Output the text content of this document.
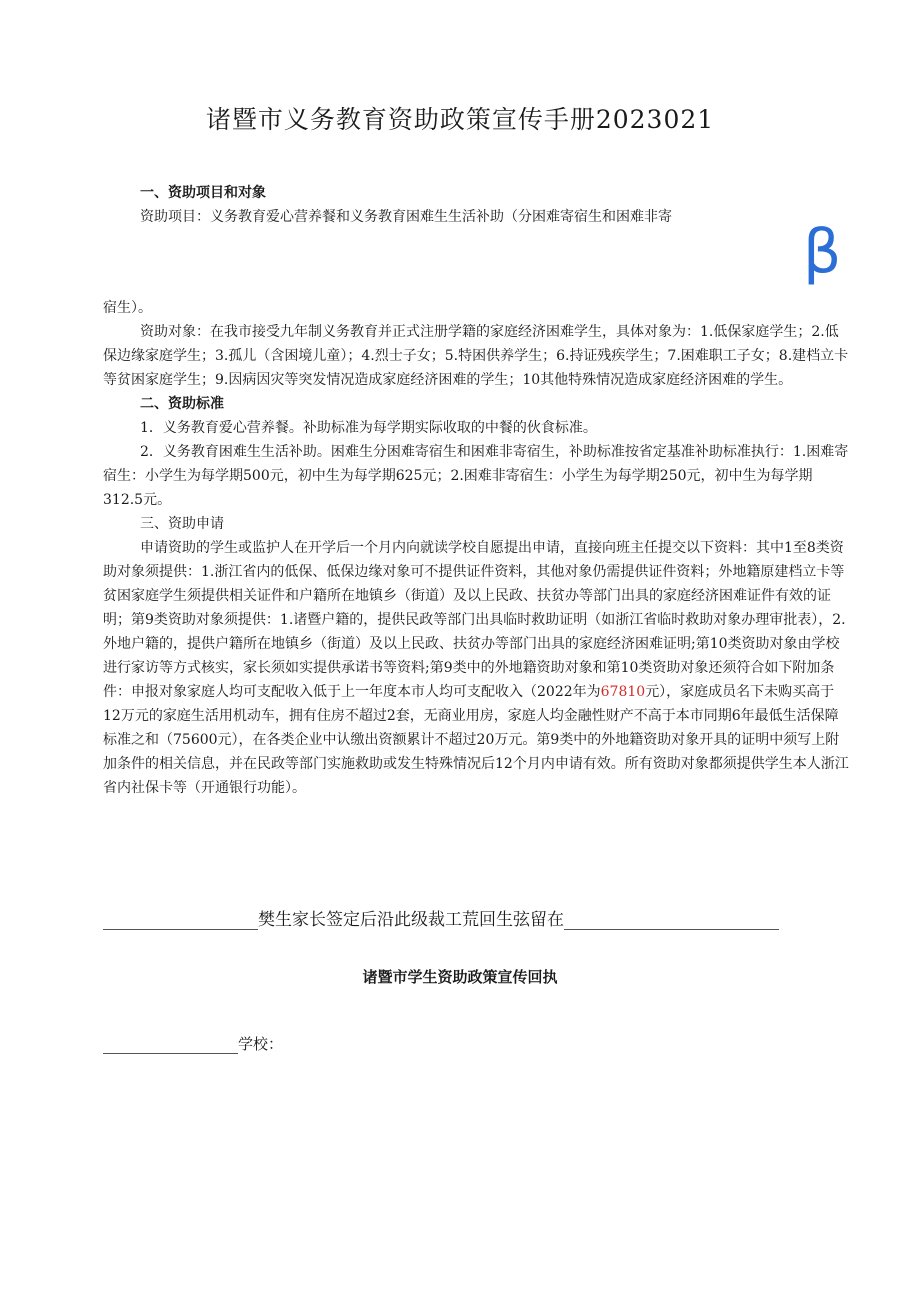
诸暨市义务教育资助政策宣传手册2023021
β

一、资助项目和对象

资助项目：义务教育爱心营养餐和义务教育困难生生活补助（分困难寄宿生和困难非寄

宿生）。

资助对象：在我市接受九年制义务教育并正式注册学籍的家庭经济困难学生，具体对象为：1.低保家庭学生；2.低保边缘家庭学生；3.孤儿（含困境儿童）；4.烈士子女；5.特困供养学生；6.持证残疾学生；7.困难职工子女；8.建档立卡等贫困家庭学生；9.因病因灾等突发情况造成家庭经济困难的学生；10其他特殊情况造成家庭经济困难的学生。

二、资助标准

1．义务教育爱心营养餐。补助标准为每学期实际收取的中餐的伙食标准。

2．义务教育困难生生活补助。困难生分困难寄宿生和困难非寄宿生，补助标准按省定基准补助标准执行：1.困难寄宿生：小学生为每学期500元，初中生为每学期625元；2.困难非寄宿生：小学生为每学期250元，初中生为每学期312.5元。

三、资助申请

申请资助的学生或监护人在开学后一个月内向就读学校自愿提出申请，直接向班主任提交以下资料：其中1至8类资助对象须提供：1.浙江省内的低保、低保边缘对象可不提供证件资料，其他对象仍需提供证件资料；外地籍原建档立卡等贫困家庭学生须提供相关证件和户籍所在地镇乡（街道）及以上民政、扶贫办等部门出具的家庭经济困难证件有效的证明；第9类资助对象须提供：1.诸暨户籍的，提供民政等部门出具临时救助证明（如浙江省临时救助对象办理审批表），2.外地户籍的，提供户籍所在地镇乡（街道）及以上民政、扶贫办等部门出具的家庭经济困难证明;第10类资助对象由学校进行家访等方式核实，家长须如实提供承诺书等资料;第9类中的外地籍资助对象和第10类资助对象还须符合如下附加条件：申报对象家庭人均可支配收入低于上一年度本市人均可支配收入（2022年为67810元），家庭成员名下未购买高于12万元的家庭生活用机动车，拥有住房不超过2套，无商业用房，家庭人均金融性财产不高于本市同期6年最低生活保障标准之和（75600元），在各类企业中认缴出资额累计不超过20万元。第9类中的外地籍资助对象开具的证明中须写上附加条件的相关信息，并在民政等部门实施救助或发生特殊情况后12个月内申请有效。所有资助对象都须提供学生本人浙江省内社保卡等（开通银行功能）。

樊生家长签定后沿此级裁工荒回生弦留在
诸暨市学生资助政策宣传回执
学校：
